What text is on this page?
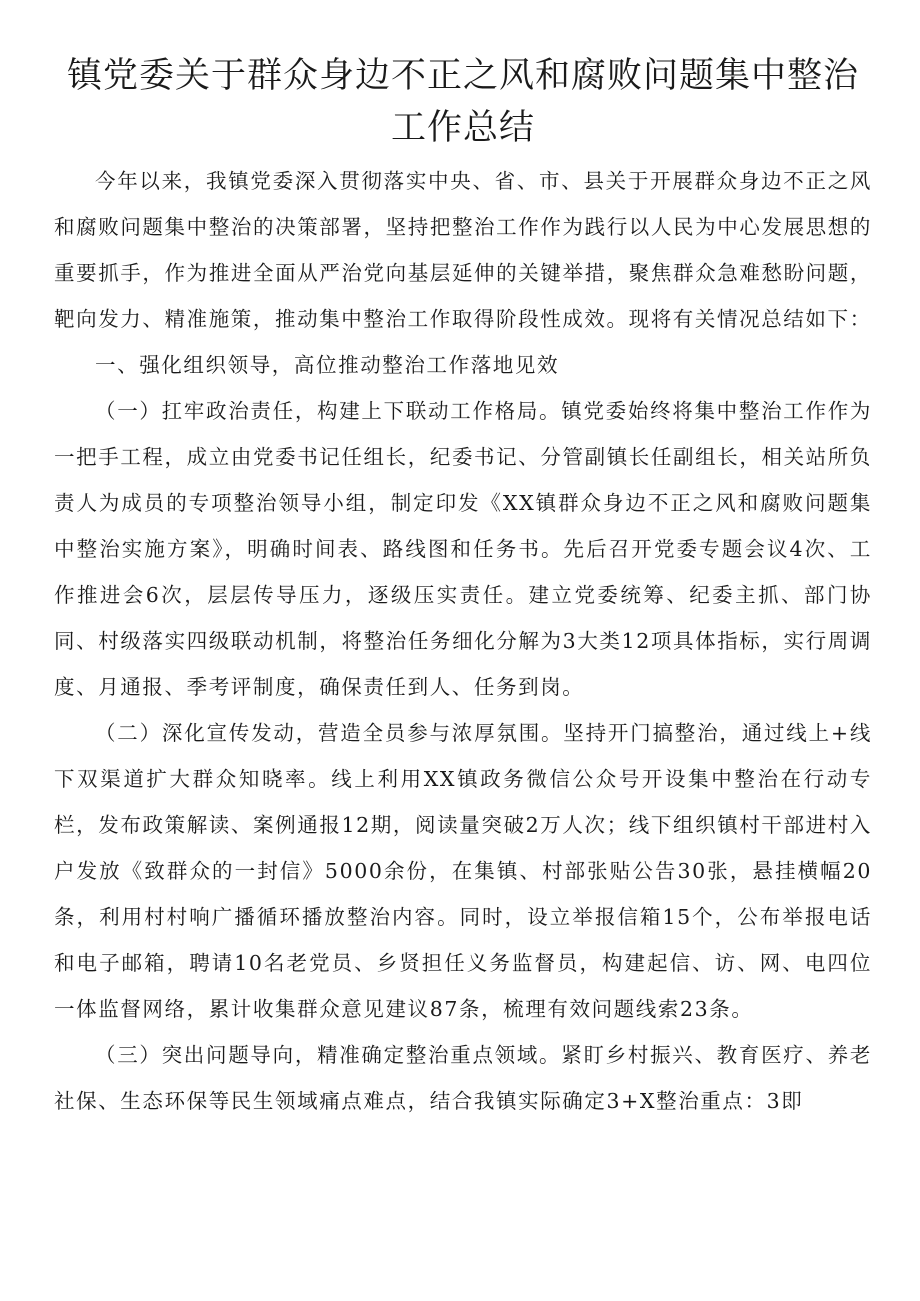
镇党委关于群众身边不正之风和腐败问题集中整治工作总结

今年以来，我镇党委深入贯彻落实中央、省、市、县关于开展群众身边不正之风和腐败问题集中整治的决策部署，坚持把整治工作作为践行以人民为中心发展思想的重要抓手，作为推进全面从严治党向基层延伸的关键举措，聚焦群众急难愁盼问题，靶向发力、精准施策，推动集中整治工作取得阶段性成效。现将有关情况总结如下：

一、强化组织领导，高位推动整治工作落地见效

（一）扛牢政治责任，构建上下联动工作格局。镇党委始终将集中整治工作作为一把手工程，成立由党委书记任组长，纪委书记、分管副镇长任副组长，相关站所负责人为成员的专项整治领导小组，制定印发《XX镇群众身边不正之风和腐败问题集中整治实施方案》，明确时间表、路线图和任务书。先后召开党委专题会议4次、工作推进会6次，层层传导压力，逐级压实责任。建立党委统筹、纪委主抓、部门协同、村级落实四级联动机制，将整治任务细化分解为3大类12项具体指标，实行周调度、月通报、季考评制度，确保责任到人、任务到岗。

（二）深化宣传发动，营造全员参与浓厚氛围。坚持开门搞整治，通过线上+线下双渠道扩大群众知晓率。线上利用XX镇政务微信公众号开设集中整治在行动专栏，发布政策解读、案例通报12期，阅读量突破2万人次；线下组织镇村干部进村入户发放《致群众的一封信》5000余份，在集镇、村部张贴公告30张，悬挂横幅20条，利用村村响广播循环播放整治内容。同时，设立举报信箱15个，公布举报电话和电子邮箱，聘请10名老党员、乡贤担任义务监督员，构建起信、访、网、电四位一体监督网络，累计收集群众意见建议87条，梳理有效问题线索23条。

（三）突出问题导向，精准确定整治重点领域。紧盯乡村振兴、教育医疗、养老社保、生态环保等民生领域痛点难点，结合我镇实际确定3+X整治重点：3即
